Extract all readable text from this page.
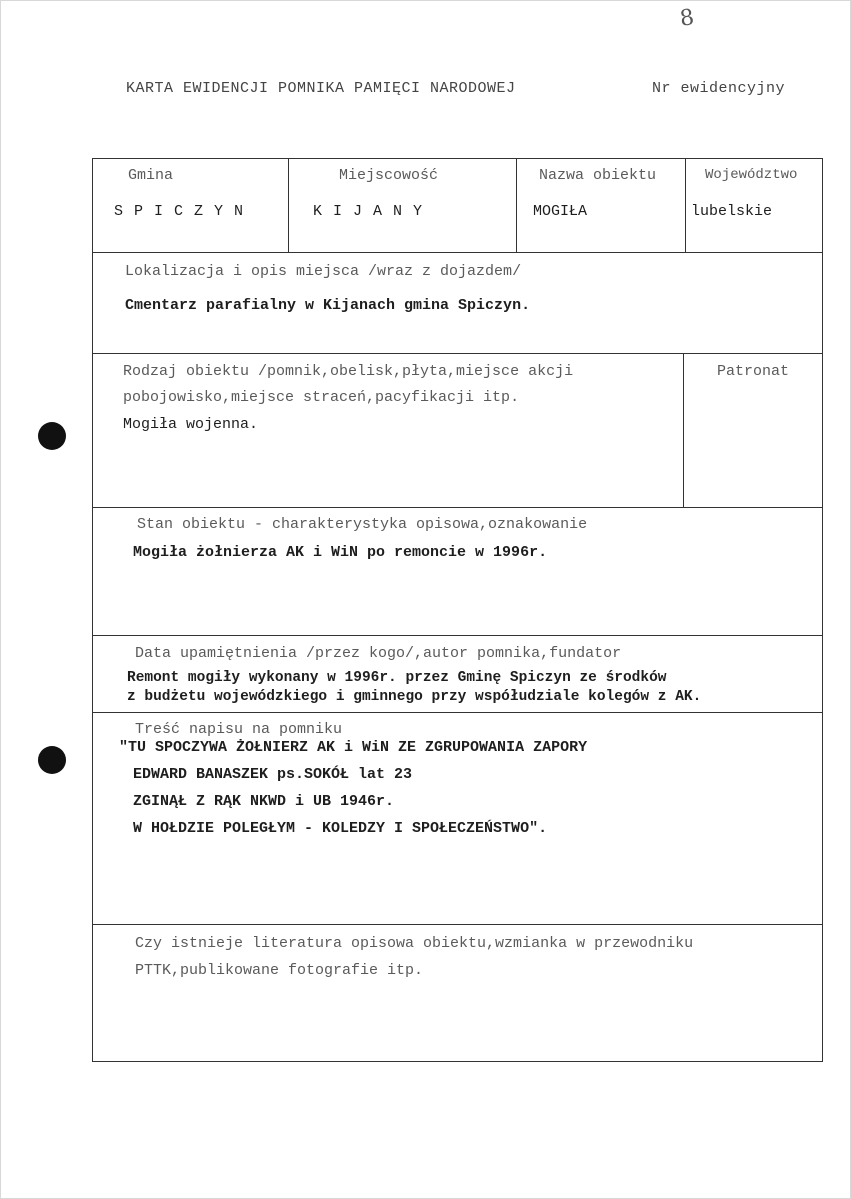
8
KARTA EWIDENCJI POMNIKA PAMIĘCI NARODOWEJ	Nr ewidencyjny
Gmina
S P I C Z Y N
Miejscowość
K I J A N Y
Nazwa obiektu
MOGIŁA
Województwo
lubelskie
Lokalizacja i opis miejsca /wraz z dojazdem/
Cmentarz parafialny w Kijanach gmina Spiczyn.
Rodzaj obiektu /pomnik,obelisk,płyta,miejsce akcji
pobojowisko,miejsce straceń,pacyfikacji itp.
Mogiła wojenna.
Patronat
Stan obiektu - charakterystyka opisowa,oznakowanie
Mogiła żołnierza AK i WiN po remoncie w 1996r.
Data upamiętnienia /przez kogo/,autor pomnika,fundator
Remont mogiły wykonany w 1996r. przez Gminę Spiczyn ze środków
z budżetu wojewódzkiego i gminnego przy współudziale kolegów z AK.
Treść napisu na pomniku
"TU SPOCZYWA ŻOŁNIERZ AK i WiN ZE ZGRUPOWANIA ZAPORY
EDWARD BANASZEK ps.SOKÓŁ lat 23
ZGINĄŁ Z RĄK NKWD i UB 1946r.
W HOŁDZIE POLEGŁYM - KOLEDZY I SPOŁECZEŃSTWO".
Czy istnieje literatura opisowa obiektu,wzmianka w przewodniku
PTTK,publikowane fotografie itp.
